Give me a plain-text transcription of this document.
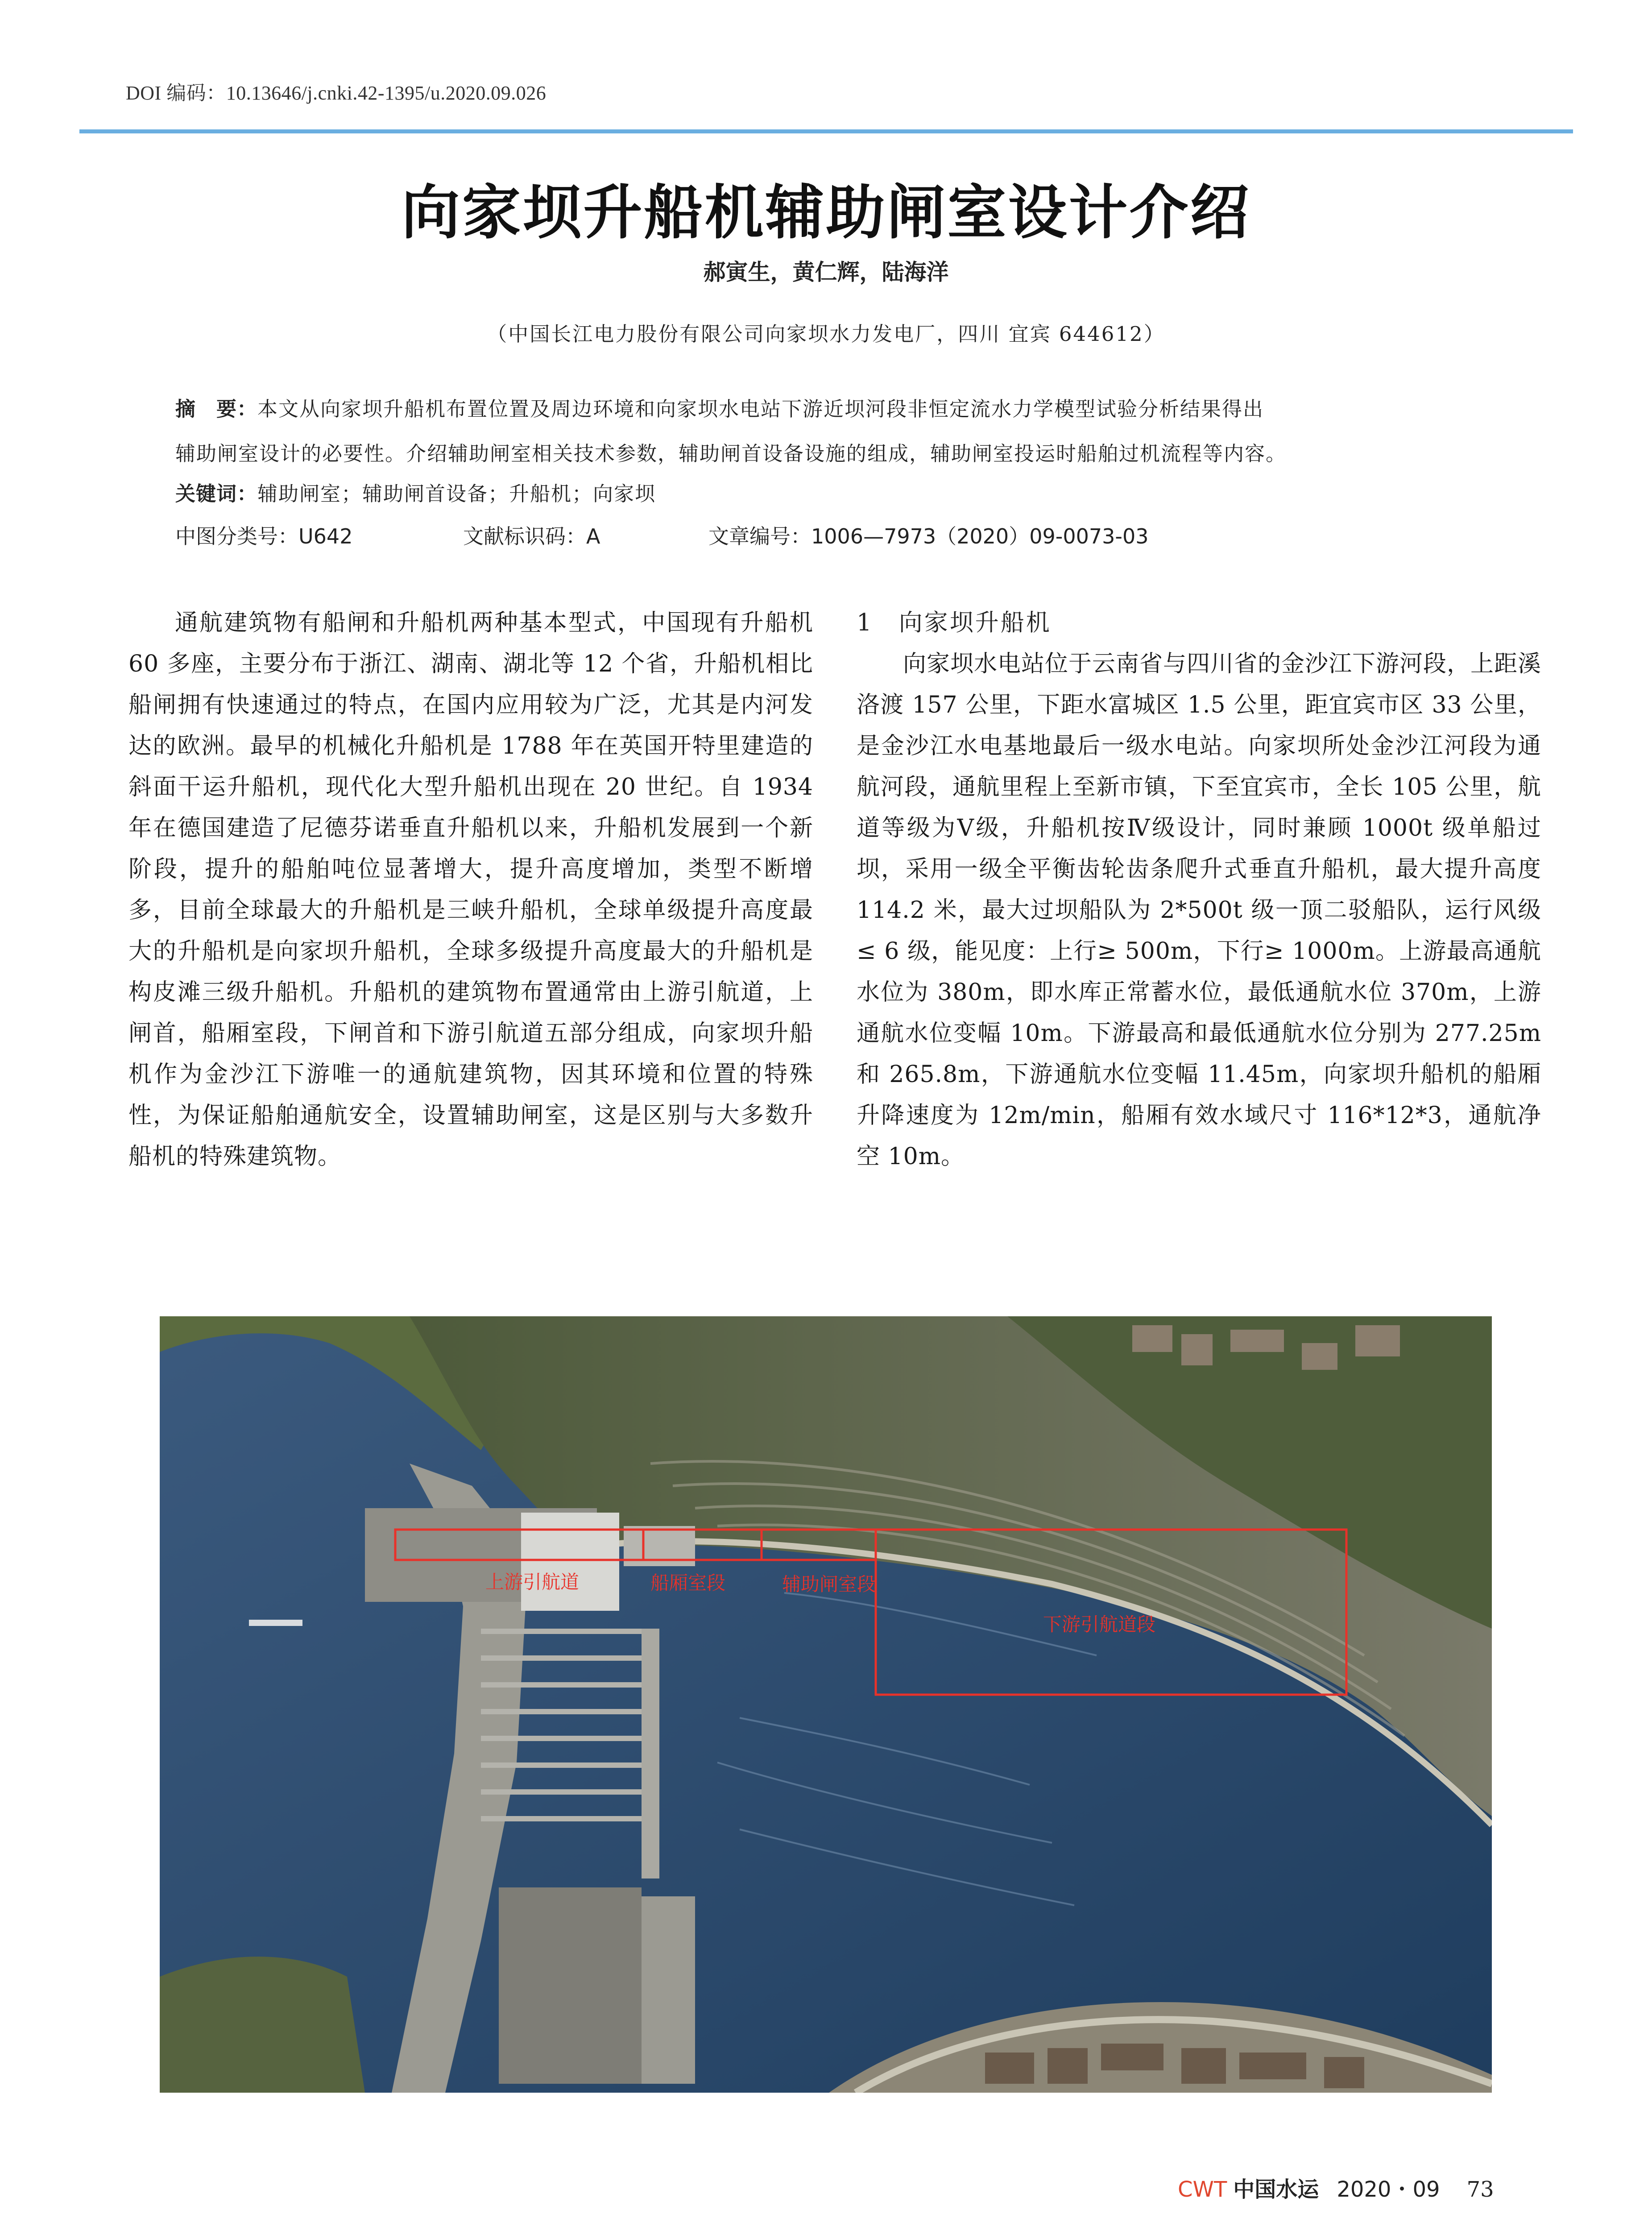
DOI 编码：10.13646/j.cnki.42-1395/u.2020.09.026
向家坝升船机辅助闸室设计介绍
郝寅生，黄仁辉，陆海洋
（中国长江电力股份有限公司向家坝水力发电厂，四川 宜宾 644612）
摘　要：本文从向家坝升船机布置位置及周边环境和向家坝水电站下游近坝河段非恒定流水力学模型试验分析结果得出
辅助闸室设计的必要性。介绍辅助闸室相关技术参数，辅助闸首设备设施的组成，辅助闸室投运时船舶过机流程等内容。
关键词：辅助闸室；辅助闸首设备；升船机；向家坝
中图分类号：U642	文献标识码：A	文章编号：1006—7973（2020）09-0073-03

通航建筑物有船闸和升船机两种基本型式，中国现有升船机 60 多座，主要分布于浙江、湖南、湖北等 12 个省，升船机相比船闸拥有快速通过的特点，在国内应用较为广泛，尤其是内河发达的欧洲。最早的机械化升船机是 1788 年在英国开特里建造的斜面干运升船机，现代化大型升船机出现在 20 世纪。自 1934 年在德国建造了尼德芬诺垂直升船机以来，升船机发展到一个新阶段，提升的船舶吨位显著增大，提升高度增加，类型不断增多，目前全球最大的升船机是三峡升船机，全球单级提升高度最大的升船机是向家坝升船机，全球多级提升高度最大的升船机是构皮滩三级升船机。升船机的建筑物布置通常由上游引航道，上闸首，船厢室段，下闸首和下游引航道五部分组成，向家坝升船机作为金沙江下游唯一的通航建筑物，因其环境和位置的特殊性，为保证船舶通航安全，设置辅助闸室，这是区别与大多数升船机的特殊建筑物。

1　向家坝升船机

向家坝水电站位于云南省与四川省的金沙江下游河段，上距溪洛渡 157 公里，下距水富城区 1.5 公里，距宜宾市区 33 公里，是金沙江水电基地最后一级水电站。向家坝所处金沙江河段为通航河段，通航里程上至新市镇，下至宜宾市，全长 105 公里，航道等级为Ⅴ级，升船机按Ⅳ级设计，同时兼顾 1000t 级单船过坝，采用一级全平衡齿轮齿条爬升式垂直升船机，最大提升高度 114.2 米，最大过坝船队为 2*500t 级一顶二驳船队，运行风级≤ 6 级，能见度：上行≥ 500m，下行≥ 1000m。上游最高通航水位为 380m，即水库正常蓄水位，最低通航水位 370m，上游通航水位变幅 10m。下游最高和最低通航水位分别为 277.25m 和 265.8m，下游通航水位变幅 11.45m，向家坝升船机的船厢升降速度为 12m/min，船厢有效水域尺寸 116*12*3，通航净空 10m。

上游引航道	船厢室段	辅助闸室段
下游引航道段
CWT 中国水运 2020・09 73
